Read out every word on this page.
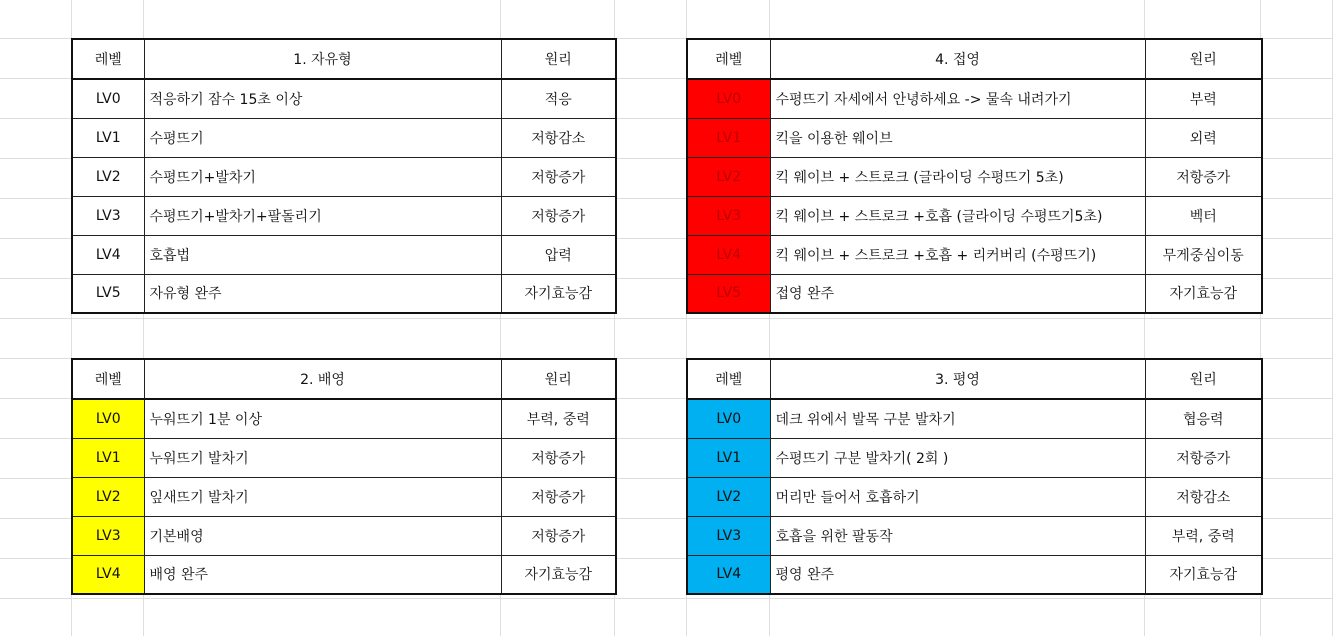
레벨	1. 자유형	원리
LV0	적응하기 잠수 15초 이상	적응
LV1	수평뜨기	저항감소
LV2	수평뜨기+발차기	저항증가
LV3	수평뜨기+발차기+팔돌리기	저항증가
LV4	호흡법	압력
LV5	자유형 완주	자기효능감
레벨	4. 접영	원리
LV0	수평뜨기 자세에서 안녕하세요 -> 물속 내려가기	부력
LV1	킥을 이용한 웨이브	외력
LV2	킥 웨이브 + 스트로크 (글라이딩 수평뜨기 5초)	저항증가
LV3	킥 웨이브 + 스트로크 +호흡 (글라이딩 수평뜨기5초)	벡터
LV4	킥 웨이브 + 스트로크 +호흡 + 리커버리 (수평뜨기)	무게중심이동
LV5	접영 완주	자기효능감
레벨	2. 배영	원리
LV0	누워뜨기 1분 이상	부력, 중력
LV1	누워뜨기 발차기	저항증가
LV2	잎새뜨기 발차기	저항증가
LV3	기본배영	저항증가
LV4	배영 완주	자기효능감
레벨	3. 평영	원리
LV0	데크 위에서 발목 구분 발차기	협응력
LV1	수평뜨기 구분 발차기( 2회 )	저항증가
LV2	머리만 들어서 호흡하기	저항감소
LV3	호흡을 위한 팔동작	부력, 중력
LV4	평영 완주	자기효능감
